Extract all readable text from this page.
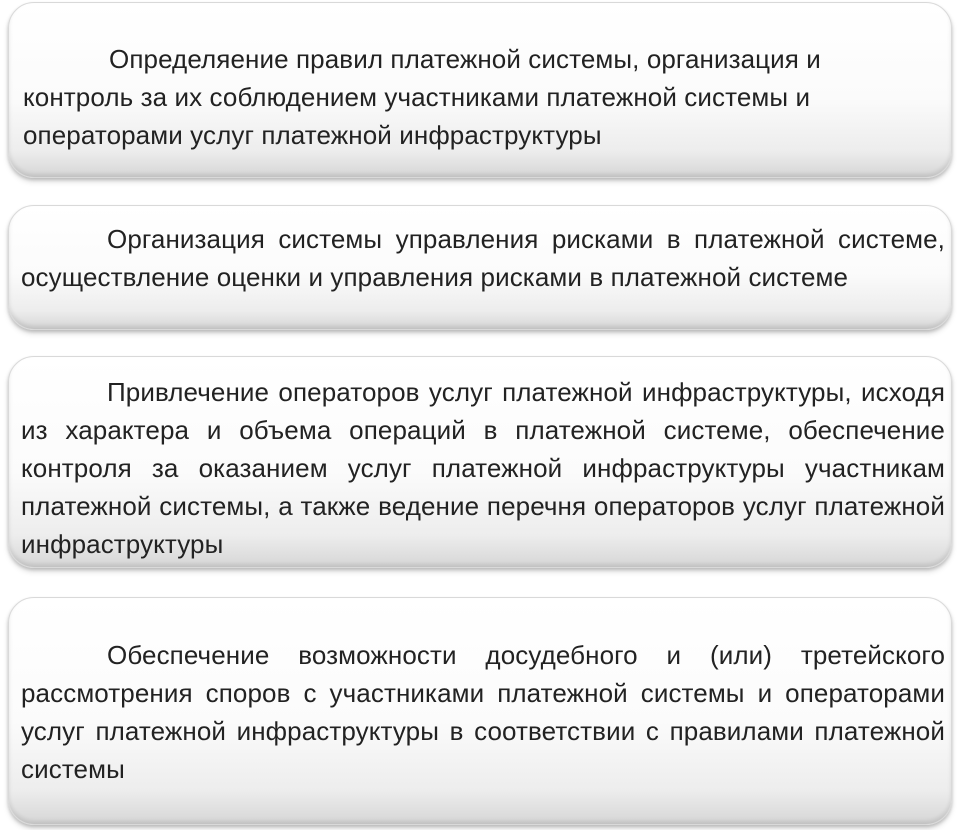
Определяение правил платежной системы, организация и контроль за их соблюдением участниками платежной системы и операторами услуг платежной инфраструктуры

Организация системы управления рисками в платежной системе, осуществление оценки и управления рисками в платежной системе

Привлечение операторов услуг платежной инфраструктуры, исходя из характера и объема операций в платежной системе, обеспечение контроля за оказанием услуг платежной инфраструктуры участникам платежной системы, а также ведение перечня операторов услуг платежной инфраструктуры

Обеспечение возможности досудебного и (или) третейского рассмотрения споров с участниками платежной системы и операторами услуг платежной инфраструктуры в соответствии с правилами платежной системы
